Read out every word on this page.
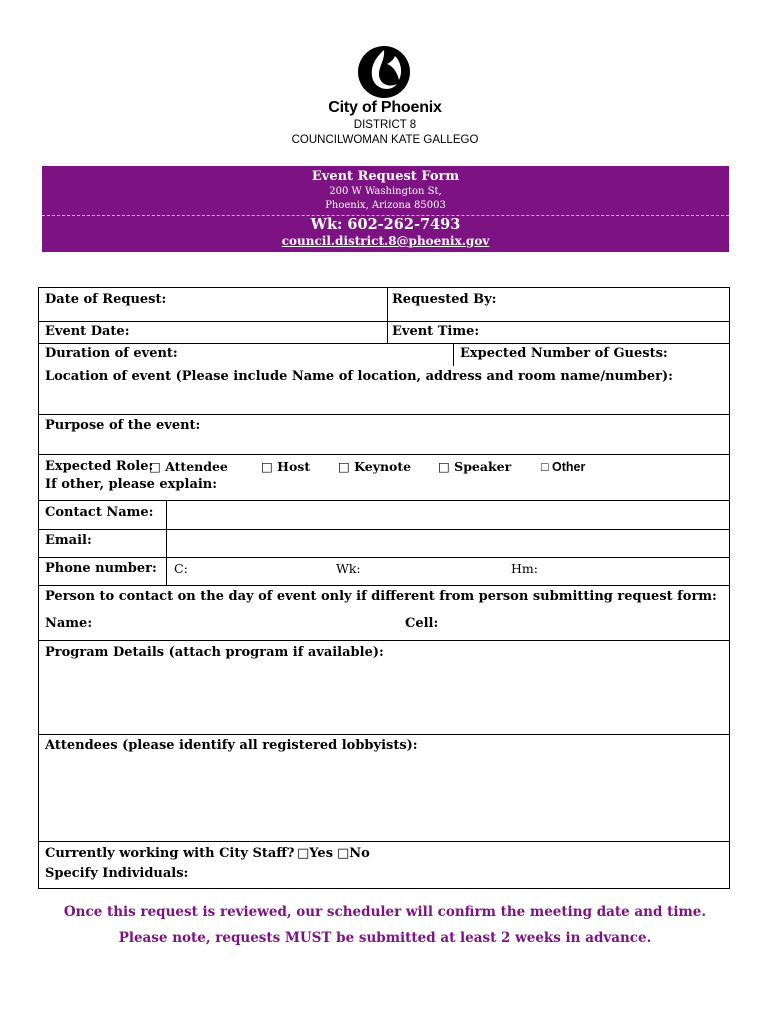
City of Phoenix
DISTRICT 8
COUNCILWOMAN KATE GALLEGO
Event Request Form
200 W Washington St,
Phoenix, Arizona 85003
Wk: 602-262-7493
council.district.8@phoenix.gov
Date of Request:	Requested By:
Event Date:	Event Time:
Duration of event:	Expected Number of Guests:
Location of event (Please include Name of location, address and room name/number):
Purpose of the event:
Expected Role:
□ Attendee	□ Host □ Keynote □ Speaker □ Other
If other, please explain:
Contact Name:
Email:
Phone number: C:	Wk:	Hm:
Person to contact on the day of event only if different from person submitting request form:
Name:	Cell:
Program Details (attach program if available):
Attendees (please identify all registered lobbyists):
Currently working with City Staff? □Yes □No
Specify Individuals:
Once this request is reviewed, our scheduler will confirm the meeting date and time.
Please note, requests MUST be submitted at least 2 weeks in advance.
